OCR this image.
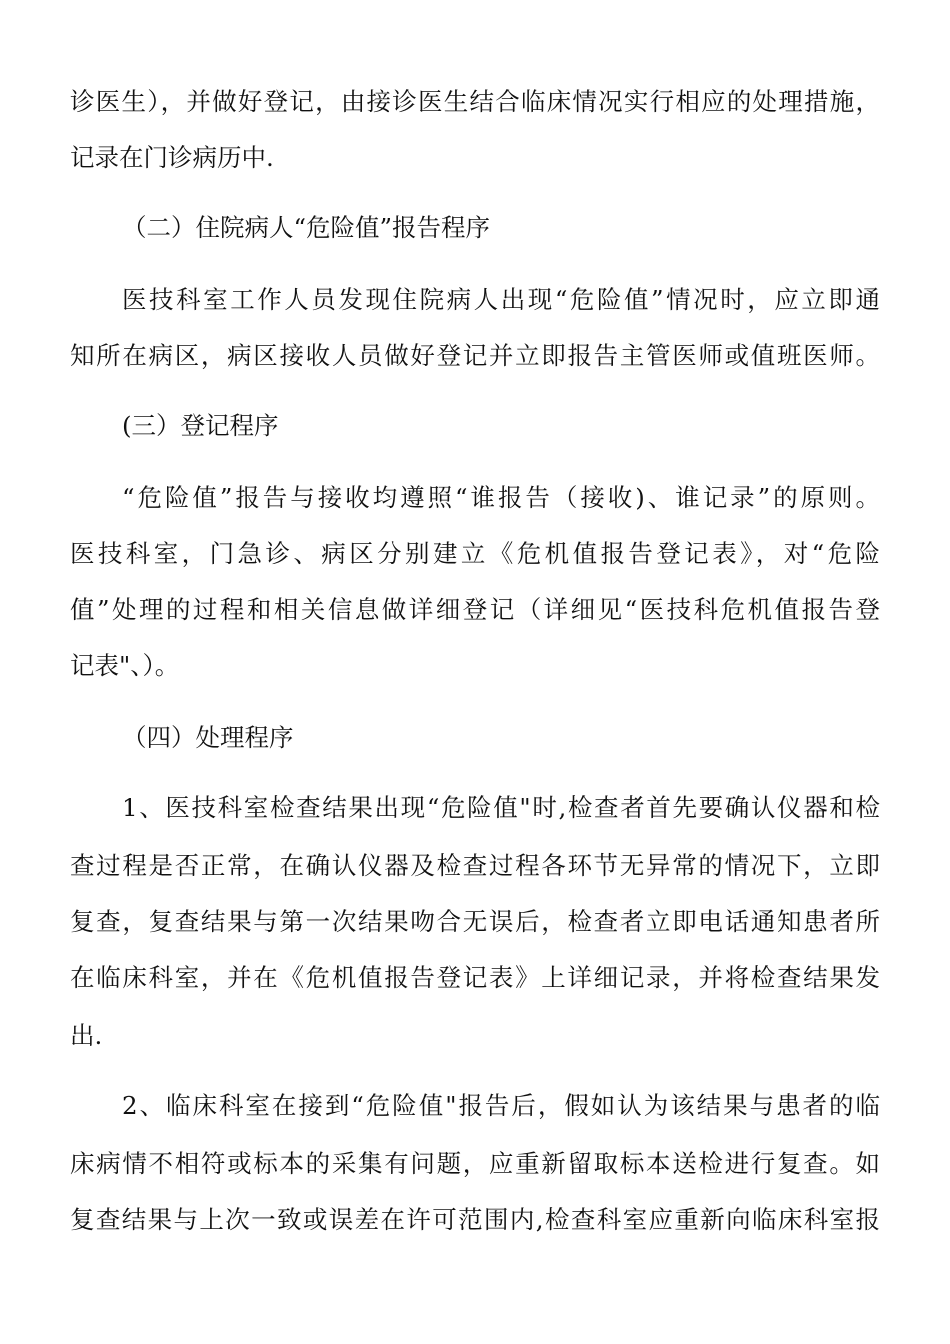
诊医生），并做好登记，由接诊医生结合临床情况实行相应的处理措施，
记录在门诊病历中.
（二）住院病人“危险值”报告程序
医技科室工作人员发现住院病人出现“危险值”情况时，应立即通
知所在病区，病区接收人员做好登记并立即报告主管医师或值班医师。
(三）登记程序
“危险值”报告与接收均遵照“谁报告（接收)、谁记录”的原则。
医技科室，门急诊、病区分别建立《危机值报告登记表》，对“危险
值”处理的过程和相关信息做详细登记（详细见“医技科危机值报告登
记表"、）。
（四）处理程序
1、医技科室检查结果出现“危险值"时,检查者首先要确认仪器和检
查过程是否正常，在确认仪器及检查过程各环节无异常的情况下，立即
复查，复查结果与第一次结果吻合无误后，检查者立即电话通知患者所
在临床科室，并在《危机值报告登记表》上详细记录，并将检查结果发
出.
2、临床科室在接到“危险值"报告后，假如认为该结果与患者的临
床病情不相符或标本的采集有问题，应重新留取标本送检进行复查。如
复查结果与上次一致或误差在许可范围内,检查科室应重新向临床科室报
